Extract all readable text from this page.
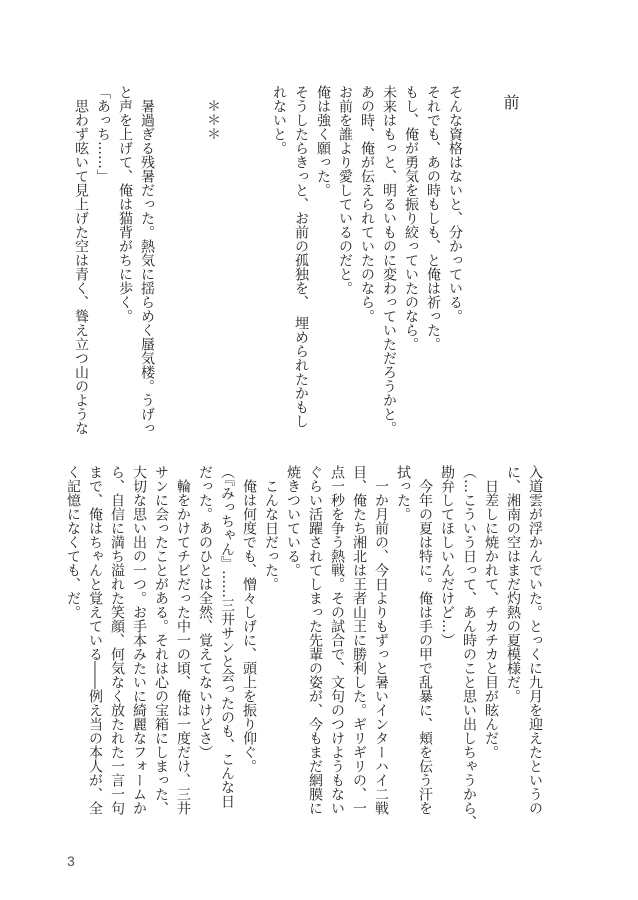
前
そんな資格はないと、分かっている。
それでも、あの時もしも、と俺は祈った。
もし、俺が勇気を振り絞っていたのなら。
未来はもっと、明るいものに変わっていただろうかと。
あの時、俺が伝えられていたのなら。
お前を誰より愛しているのだと。
俺は強く願った。
そうしたらきっと、お前の孤独を、　埋められたかもし
れないと。
＊＊＊
暑過ぎる残暑だった。熱気に揺らめく蜃気楼。うげっ
と声を上げて、俺は猫背がちに歩く。
「あっち……」
思わず呟いて見上げた空は青く、聳え立つ山のような
入道雲が浮かんでいた。とっくに九月を迎えたというの
に、湘南の空はまだ灼熱の夏模様だ。
日差しに焼かれて、チカチカと目が眩んだ。
（…こういう日って、あん時のこと思い出しちゃうから、
勘弁してほしいんだけど…）
今年の夏は特に。俺は手の甲で乱暴に、頬を伝う汗を
拭った。
一か月前の、今日よりもずっと暑いインターハイ二戦
目、俺たち湘北は王者山王に勝利した。ギリギリの、一
点一秒を争う熱戦。その試合で、文句のつけようもない
ぐらい活躍されてしまった先輩の姿が、今もまだ網膜に
焼きついている。
こんな日だった。
俺は何度でも、憎々しげに、頭上を振り仰ぐ。
（『みっちゃん』……三井サンと会ったのも、こんな日
だった。あのひとは全然、覚えてないけどさ）
輪をかけてチビだった中一の頃、俺は一度だけ、三井
サンに会ったことがある。それは心の宝箱にしまった、
大切な思い出の一つ。お手本みたいに綺麗なフォームか
ら、自信に満ち溢れた笑顔、何気なく放たれた一言一句
まで、俺はちゃんと覚えている――例え当の本人が、全
く記憶になくても、だ。
3
